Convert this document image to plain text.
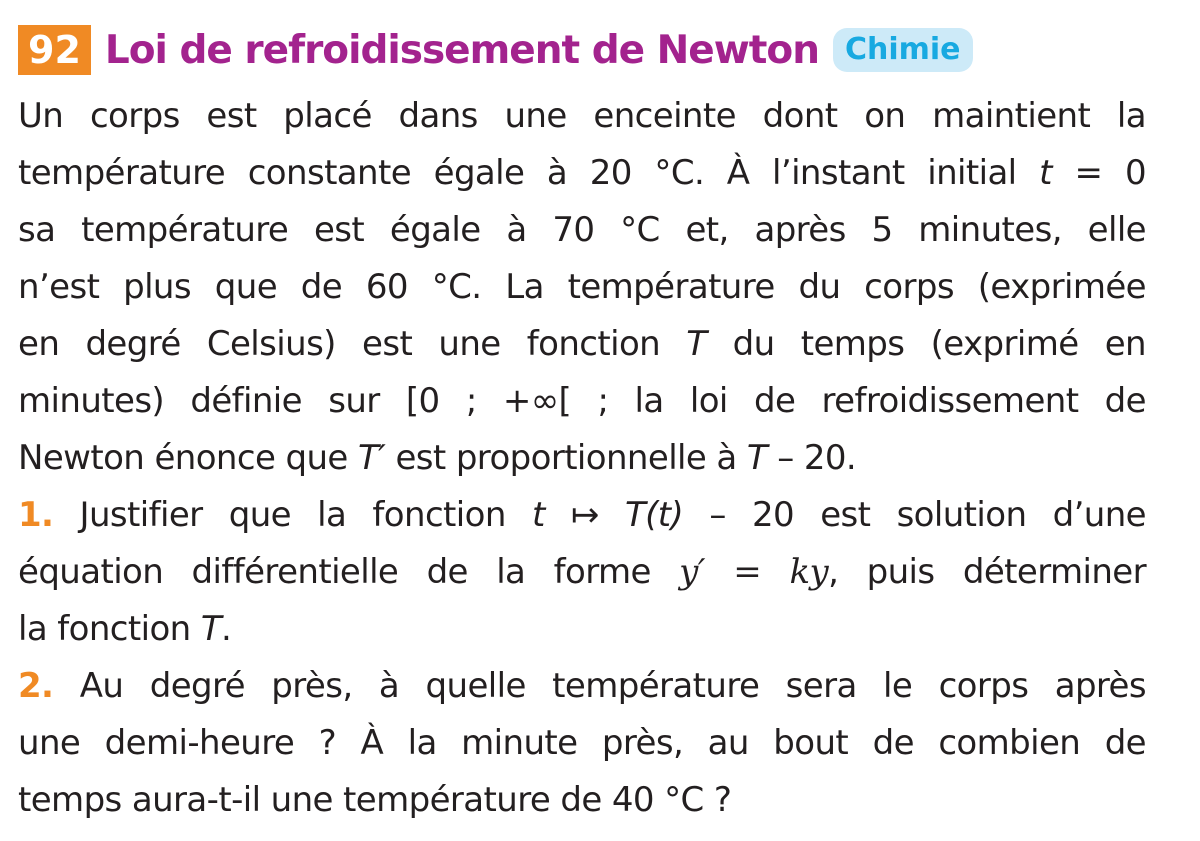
92 Loi de refroidissement de Newton Chimie
Un corps est placé dans une enceinte dont on maintient la
température constante égale à 20 °C. À l’instant initial t = 0
sa température est égale à 70 °C et, après 5 minutes, elle
n’est plus que de 60 °C. La température du corps (exprimée
en degré Celsius) est une fonction T du temps (exprimé en
minutes) définie sur [0 ; +∞[ ; la loi de refroidissement de
Newton énonce que T′ est proportionnelle à T – 20.
1. Justifier que la fonction t ↦ T(t) – 20 est solution d’une
équation différentielle de la forme y′ = ky, puis déterminer
la fonction T.
2. Au degré près, à quelle température sera le corps après
une demi-heure ? À la minute près, au bout de combien de
temps aura-t-il une température de 40 °C ?
